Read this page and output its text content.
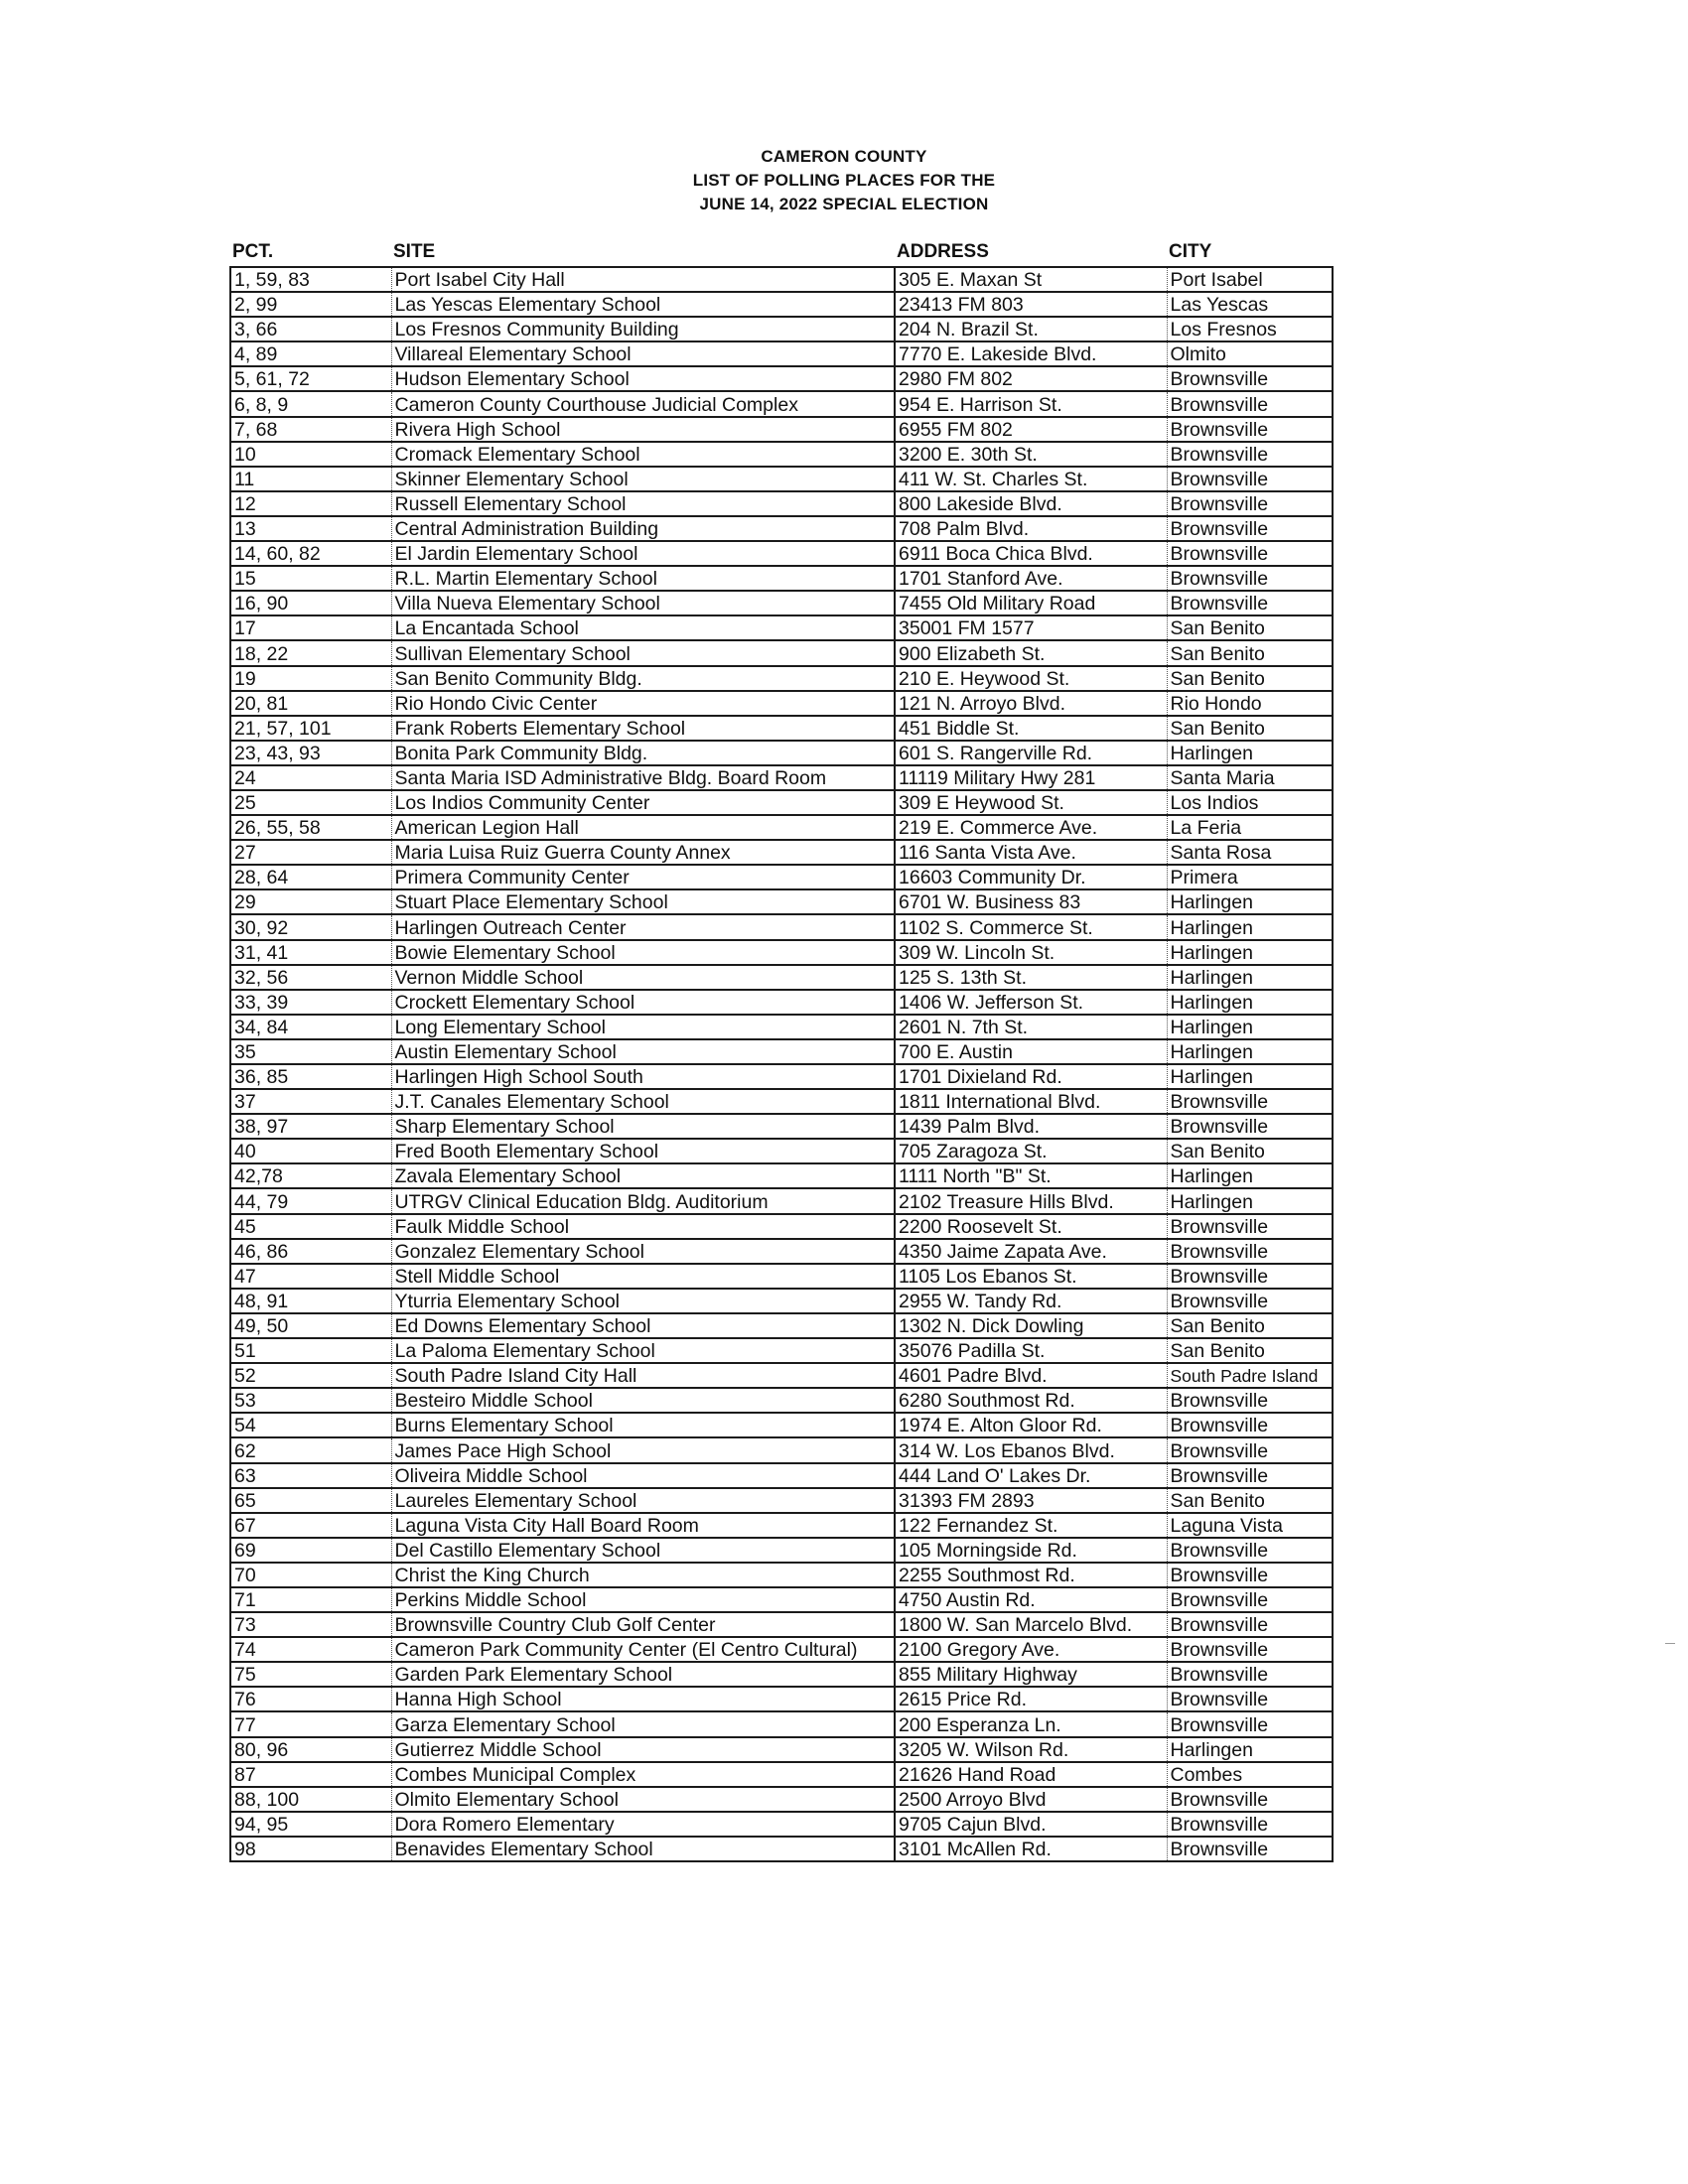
CAMERON COUNTY
LIST OF POLLING PLACES FOR THE
JUNE 14, 2022 SPECIAL ELECTION
PCT.	SITE	ADDRESS	CITY
1, 59, 83	Port Isabel City Hall	305 E. Maxan St	Port Isabel
2, 99	Las Yescas Elementary School	23413 FM 803	Las Yescas
3, 66	Los Fresnos Community Building	204 N. Brazil St.	Los Fresnos
4, 89	Villareal Elementary School	7770 E. Lakeside Blvd.	Olmito
5, 61, 72	Hudson Elementary School	2980 FM 802	Brownsville
6, 8, 9	Cameron County Courthouse Judicial Complex	954 E. Harrison St.	Brownsville
7, 68	Rivera High School	6955 FM 802	Brownsville
10	Cromack Elementary School	3200 E. 30th St.	Brownsville
11	Skinner Elementary School	411 W. St. Charles St.	Brownsville
12	Russell Elementary School	800 Lakeside Blvd.	Brownsville
13	Central Administration Building	708 Palm Blvd.	Brownsville
14, 60, 82	El Jardin Elementary School	6911 Boca Chica Blvd.	Brownsville
15	R.L. Martin Elementary School	1701 Stanford Ave.	Brownsville
16, 90	Villa Nueva Elementary School	7455 Old Military Road	Brownsville
17	La Encantada School	35001 FM 1577	San Benito
18, 22	Sullivan Elementary School	900 Elizabeth St.	San Benito
19	San Benito Community Bldg.	210 E. Heywood St.	San Benito
20, 81	Rio Hondo Civic Center	121 N. Arroyo Blvd.	Rio Hondo
21, 57, 101	Frank Roberts Elementary School	451 Biddle St.	San Benito
23, 43, 93	Bonita Park Community Bldg.	601 S. Rangerville Rd.	Harlingen
24	Santa Maria ISD Administrative Bldg. Board Room	11119 Military Hwy 281	Santa Maria
25	Los Indios Community Center	309 E Heywood St.	Los Indios
26, 55, 58	American Legion Hall	219 E. Commerce Ave.	La Feria
27	Maria Luisa Ruiz Guerra County Annex	116 Santa Vista Ave.	Santa Rosa
28, 64	Primera Community Center	16603 Community Dr.	Primera
29	Stuart Place Elementary School	6701 W. Business 83	Harlingen
30, 92	Harlingen Outreach Center	1102 S. Commerce St.	Harlingen
31, 41	Bowie Elementary School	309 W. Lincoln St.	Harlingen
32, 56	Vernon Middle School	125 S. 13th St.	Harlingen
33, 39	Crockett Elementary School	1406 W. Jefferson St.	Harlingen
34, 84	Long Elementary School	2601 N. 7th St.	Harlingen
35	Austin Elementary School	700 E. Austin	Harlingen
36, 85	Harlingen High School South	1701 Dixieland Rd.	Harlingen
37	J.T. Canales Elementary School	1811 International Blvd.	Brownsville
38, 97	Sharp Elementary School	1439 Palm Blvd.	Brownsville
40	Fred Booth Elementary School	705 Zaragoza St.	San Benito
42,78	Zavala Elementary School	1111 North "B" St.	Harlingen
44, 79	UTRGV Clinical Education Bldg. Auditorium	2102 Treasure Hills Blvd.	Harlingen
45	Faulk Middle School	2200 Roosevelt St.	Brownsville
46, 86	Gonzalez Elementary School	4350 Jaime Zapata Ave.	Brownsville
47	Stell Middle School	1105 Los Ebanos St.	Brownsville
48, 91	Yturria Elementary School	2955 W. Tandy Rd.	Brownsville
49, 50	Ed Downs Elementary School	1302 N. Dick Dowling	San Benito
51	La Paloma Elementary School	35076 Padilla St.	San Benito
52	South Padre Island City Hall	4601 Padre Blvd.	South Padre Island
53	Besteiro Middle School	6280 Southmost Rd.	Brownsville
54	Burns Elementary School	1974 E. Alton Gloor Rd.	Brownsville
62	James Pace High School	314 W. Los Ebanos Blvd.	Brownsville
63	Oliveira Middle School	444 Land O' Lakes Dr.	Brownsville
65	Laureles Elementary School	31393 FM 2893	San Benito
67	Laguna Vista City Hall Board Room	122 Fernandez St.	Laguna Vista
69	Del Castillo Elementary School	105 Morningside Rd.	Brownsville
70	Christ the King Church	2255 Southmost Rd.	Brownsville
71	Perkins Middle School	4750 Austin Rd.	Brownsville
73	Brownsville Country Club Golf Center	1800 W. San Marcelo Blvd.	Brownsville
74	Cameron Park Community Center (El Centro Cultural)	2100 Gregory Ave.	Brownsville
75	Garden Park Elementary School	855 Military Highway	Brownsville
76	Hanna High School	2615 Price Rd.	Brownsville
77	Garza Elementary School	200 Esperanza Ln.	Brownsville
80, 96	Gutierrez Middle School	3205 W. Wilson Rd.	Harlingen
87	Combes Municipal Complex	21626 Hand Road	Combes
88, 100	Olmito Elementary School	2500 Arroyo Blvd	Brownsville
94, 95	Dora Romero Elementary	9705 Cajun Blvd.	Brownsville
98	Benavides Elementary School	3101 McAllen Rd.	Brownsville
